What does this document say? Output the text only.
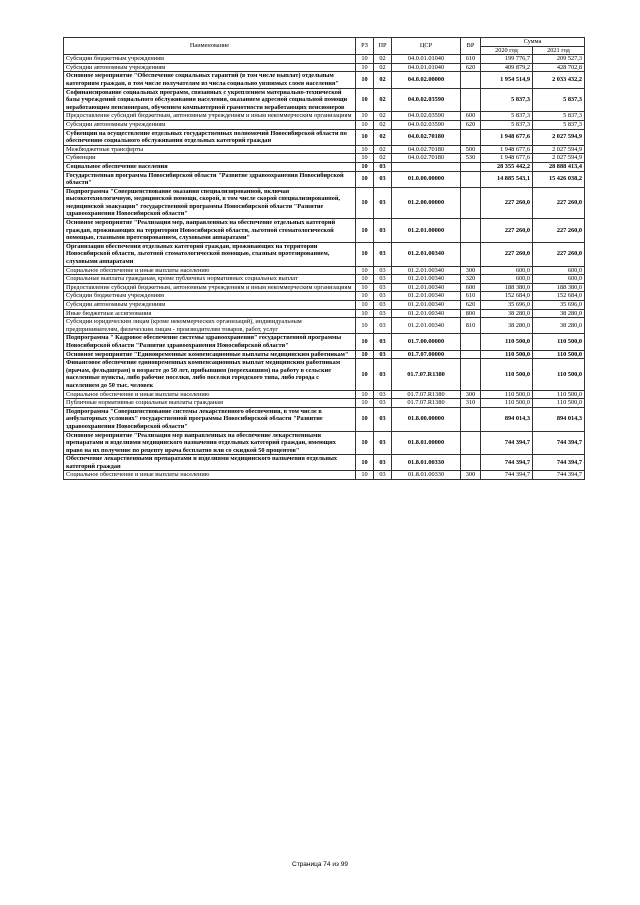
Наименование	РЗ	ПР	ЦСР	ВР	Сумма	
					2020 год	2021 год
Субсидии бюджетным учреждениям	10	02	04.0.01.01040	610	199 776,7	209 527,3
Субсидии автономным учреждениям	10	02	04.0.01.01040	620	409 879,2	428 702,8
Основное мероприятие "Обеспечение социальных гарантий (в том числе выплат) отдельным категориям граждан, в том числе получателям из числа социально уязвимых слоев населения"	10	02	04.0.02.00000		1 954 514,9	2 033 432,2
Софинансирование социальных программ, связанных с укреплением материально-технической базы учреждений социального обслуживания населения, оказанием адресной социальной помощи неработающим пенсионерам, обучением компьютерной грамотности неработающих пенсионеров	10	02	04.0.02.03590		5 837,3	5 837,3
Предоставление субсидий бюджетным, автономным учреждениям и иным некоммерческим организациям	10	02	04.0.02.03590	600	5 837,3	5 837,3
Субсидии автономным учреждениям	10	02	04.0.02.03590	620	5 837,3	5 837,3
Субвенции на осуществление отдельных государственных полномочий Новосибирской области по обеспечению социального обслуживания отдельных категорий граждан	10	02	04.0.02.70180		1 948 677,6	2 027 594,9
Межбюджетные трансферты	10	02	04.0.02.70180	500	1 948 677,6	2 027 594,9
Субвенции	10	02	04.0.02.70180	530	1 948 677,6	2 027 594,9
Социальное обеспечение населения	10	03			28 355 442,2	28 888 413,4
Государственная программа Новосибирской области "Развитие здравоохранения Новосибирской области"	10	03	01.0.00.00000		14 885 543,1	15 426 038,2
Подпрограмма "Совершенствование оказания специализированной, включая высокотехнологичную, медицинской помощи, скорой, в том числе скорой специализированной, медицинской эвакуации" государственной программы Новосибирской области "Развитие здравоохранения Новосибирской области"	10	03	01.2.00.00000		227 260,0	227 260,0
Основное мероприятие "Реализация мер, направленных на обеспечение отдельных категорий граждан, проживающих на территории Новосибирской области, льготной стоматологической помощью, глазными протезированием, слуховыми аппаратами"	10	03	01.2.01.00000		227 260,0	227 260,0
Организация обеспечения отдельных категорий граждан, проживающих на территории Новосибирской области, льготной стоматологической помощью, глазным протезированием, слуховыми аппаратами	10	03	01.2.01.00340		227 260,0	227 260,0
Социальное обеспечение и иные выплаты населению	10	03	01.2.01.00340	300	600,0	600,0
Социальные выплаты гражданам, кроме публичных нормативных социальных выплат	10	03	01.2.01.00340	320	600,0	600,0
Предоставление субсидий бюджетным, автономным учреждениям и иным некоммерческим организациям	10	03	01.2.01.00340	600	188 380,0	188 380,0
Субсидии бюджетным учреждениям	10	03	01.2.01.00340	610	152 684,0	152 684,0
Субсидии автономным учреждениям	10	03	01.2.01.00340	620	35 696,0	35 696,0
Иные бюджетные ассигнования	10	03	01.2.01.00340	800	38 280,0	38 280,0
Субсидии юридическим лицам (кроме некоммерческих организаций), индивидуальным предпринимателям, физическим лицам - производителям товаров, работ, услуг	10	03	01.2.01.00340	810	38 280,0	38 280,0
Подпрограмма " Кадровое обеспечение системы здравоохранения" государственной программы Новосибирской области "Развитие здравоохранения Новосибирской области"	10	03	01.7.00.00000		110 500,0	110 500,0
Основное мероприятие "Единовременные компенсационные выплаты медицинским работникам"	10	03	01.7.07.00000		110 500,0	110 500,0
Финансовое обеспечение единовременных компенсационных выплат медицинским работникам (врачам, фельдшерам) в возрасте до 50 лет, прибывшим (переехавшим) на работу в сельские населенные пункты, либо рабочие поселки, либо поселки городского типа, либо города с населением до 50 тыс. человек	10	03	01.7.07.R1380		110 500,0	110 500,0
Социальное обеспечение и иные выплаты населению	10	03	01.7.07.R1380	300	110 500,0	110 500,0
Публичные нормативные социальные выплаты гражданам	10	03	01.7.07.R1380	310	110 500,0	110 500,0
Подпрограмма "Совершенствование системы лекарственного обеспечения, в том числе в амбулаторных условиях" государственной программы Новосибирской области "Развитие здравоохранения Новосибирской области"	10	03	01.8.00.00000		894 014,3	894 014,3
Основное мероприятие "Реализация мер направленных на обеспечение лекарственными препаратами и изделиями медицинского назначения отдельных категорий граждан, имеющих право на их получение по рецепту врача бесплатно или со скидкой 50 процентов"	10	03	01.8.01.00000		744 394,7	744 394,7
Обеспечение лекарственными препаратами и изделиями медицинского назначения отдельных категорий граждан	10	03	01.8.01.00330		744 394,7	744 394,7
Социальное обеспечение и иные выплаты населению	10	03	01.8.01.00330	300	744 394,7	744 394,7
Страница 74 из 99
